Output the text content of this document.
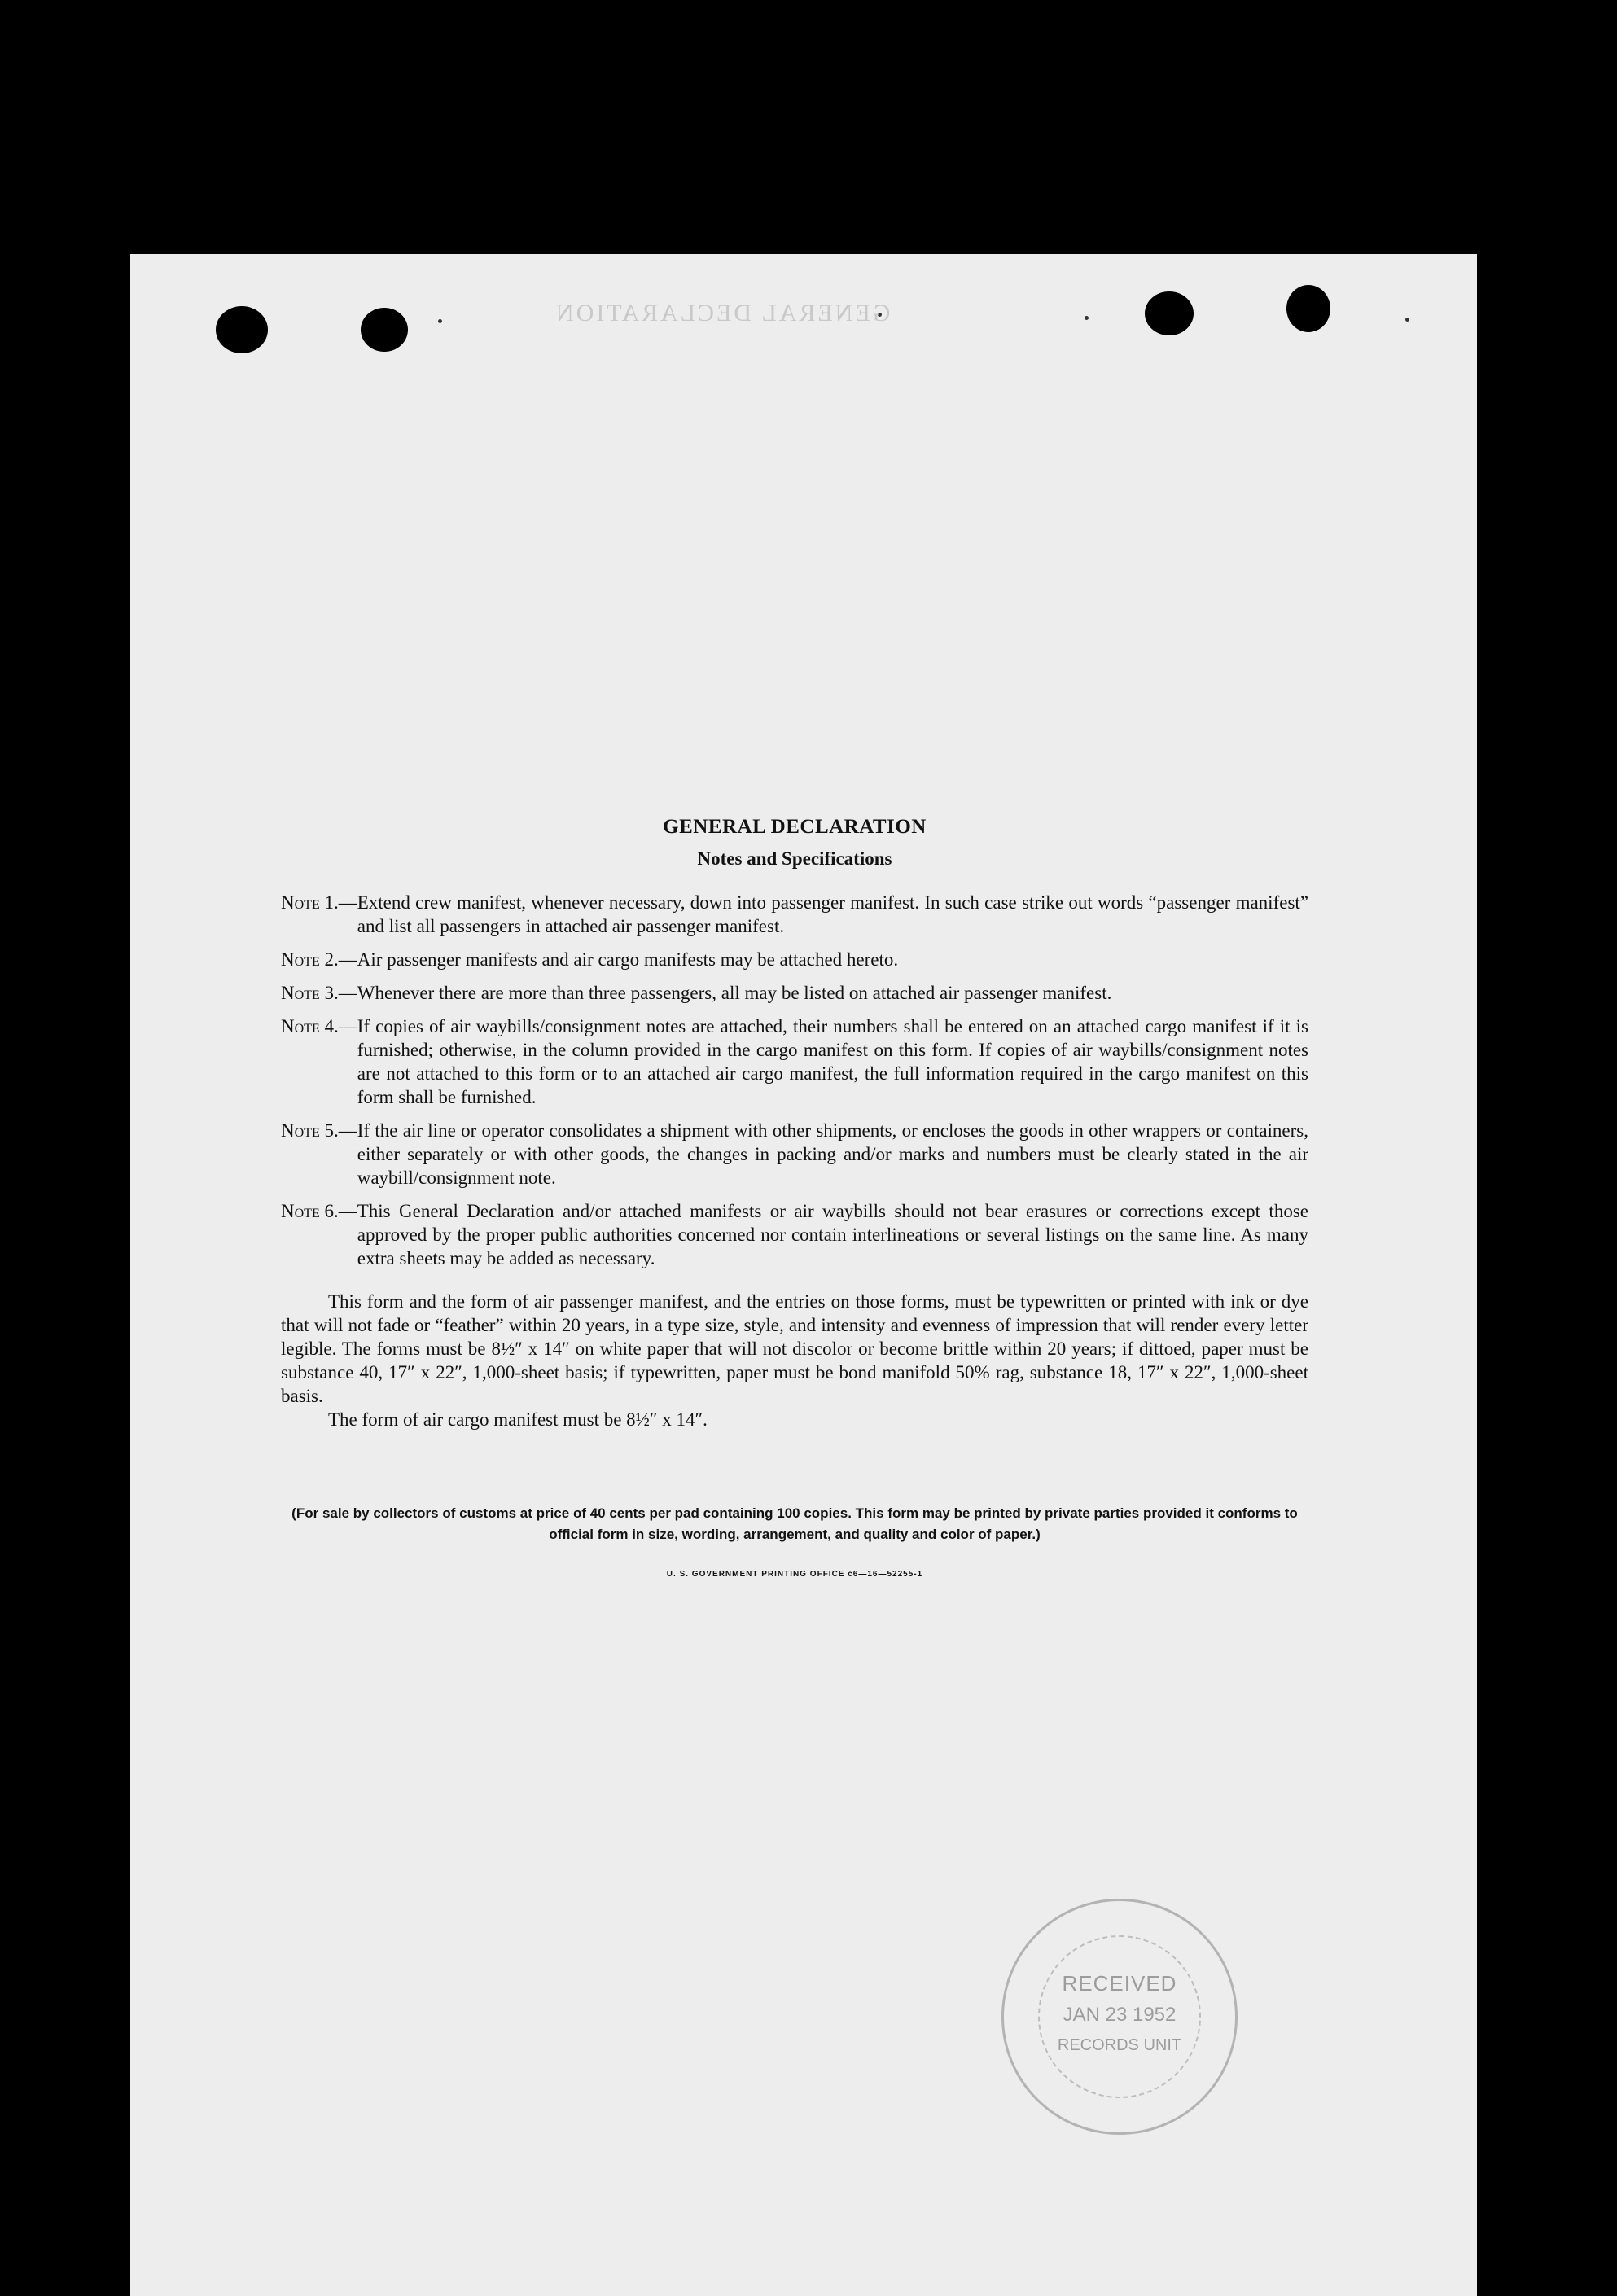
GENERAL DECLARATION
GENERAL DECLARATION
Notes and Specifications
Note 1.— Extend crew manifest, whenever necessary, down into passenger manifest. In such case strike out words “passenger manifest” and list all passengers in attached air passenger manifest.
Note 2.— Air passenger manifests and air cargo manifests may be attached hereto.
Note 3.— Whenever there are more than three passengers, all may be listed on attached air passenger manifest.
Note 4.— If copies of air waybills/consignment notes are attached, their numbers shall be entered on an attached cargo manifest if it is furnished; otherwise, in the column provided in the cargo manifest on this form. If copies of air waybills/consignment notes are not attached to this form or to an attached air cargo manifest, the full information required in the cargo manifest on this form shall be furnished.
Note 5.— If the air line or operator consolidates a shipment with other shipments, or encloses the goods in other wrappers or containers, either separately or with other goods, the changes in packing and/or marks and numbers must be clearly stated in the air waybill/consignment note.
Note 6.— This General Declaration and/or attached manifests or air waybills should not bear erasures or corrections except those approved by the proper public authorities concerned nor contain interlineations or several listings on the same line. As many extra sheets may be added as necessary.

This form and the form of air passenger manifest, and the entries on those forms, must be typewritten or printed with ink or dye that will not fade or “feather” within 20 years, in a type size, style, and intensity and evenness of impression that will render every letter legible. The forms must be 8½″ x 14″ on white paper that will not discolor or become brittle within 20 years; if dittoed, paper must be substance 40, 17″ x 22″, 1,000-sheet basis; if typewritten, paper must be bond manifold 50% rag, substance 18, 17″ x 22″, 1,000-sheet basis.

The form of air cargo manifest must be 8½″ x 14″.

(For sale by collectors of customs at price of 40 cents per pad containing 100 copies. This form may be printed by private parties provided it conforms to official form in size, wording, arrangement, and quality and color of paper.)
U. S. GOVERNMENT PRINTING OFFICE c6—16—52255-1
RECEIVED
JAN 23 1952
RECORDS UNIT
